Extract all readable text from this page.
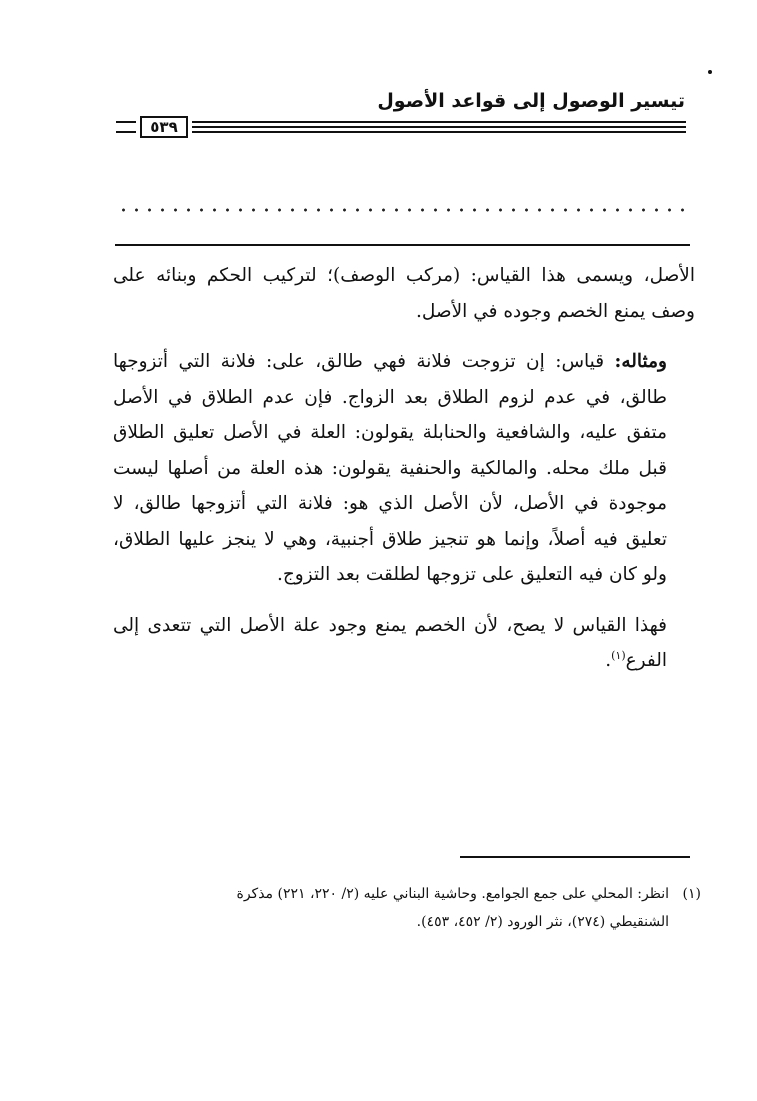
تيسير الوصول إلى قواعد الأصول
٥٣٩

الأصل، ويسمى هذا القياس: (مركب الوصف)؛ لتركيب الحكم وبنائه على وصف يمنع الخصم وجوده في الأصل.

ومثاله: قياس: إن تزوجت فلانة فهي طالق، على: فلانة التي أتزوجها طالق، في عدم لزوم الطلاق بعد الزواج. فإن عدم الطلاق في الأصل متفق عليه، والشافعية والحنابلة يقولون: العلة في الأصل تعليق الطلاق قبل ملك محله. والمالكية والحنفية يقولون: هذه العلة من أصلها ليست موجودة في الأصل، لأن الأصل الذي هو: فلانة التي أتزوجها طالق، لا تعليق فيه أصلاً، وإنما هو تنجيز طلاق أجنبية، وهي لا ينجز عليها الطلاق، ولو كان فيه التعليق على تزوجها لطلقت بعد التزوج.

فهذا القياس لا يصح، لأن الخصم يمنع وجود علة الأصل التي تتعدى إلى الفرع$^{(١)}$.

(١)انظر: المحلي على جمع الجوامع. وحاشية البناني عليه (٢/ ٢٢٠، ٢٢١) مذكرة
الشنقيطي (٢٧٤)، نثر الورود (٢/ ٤٥٢، ٤٥٣).
